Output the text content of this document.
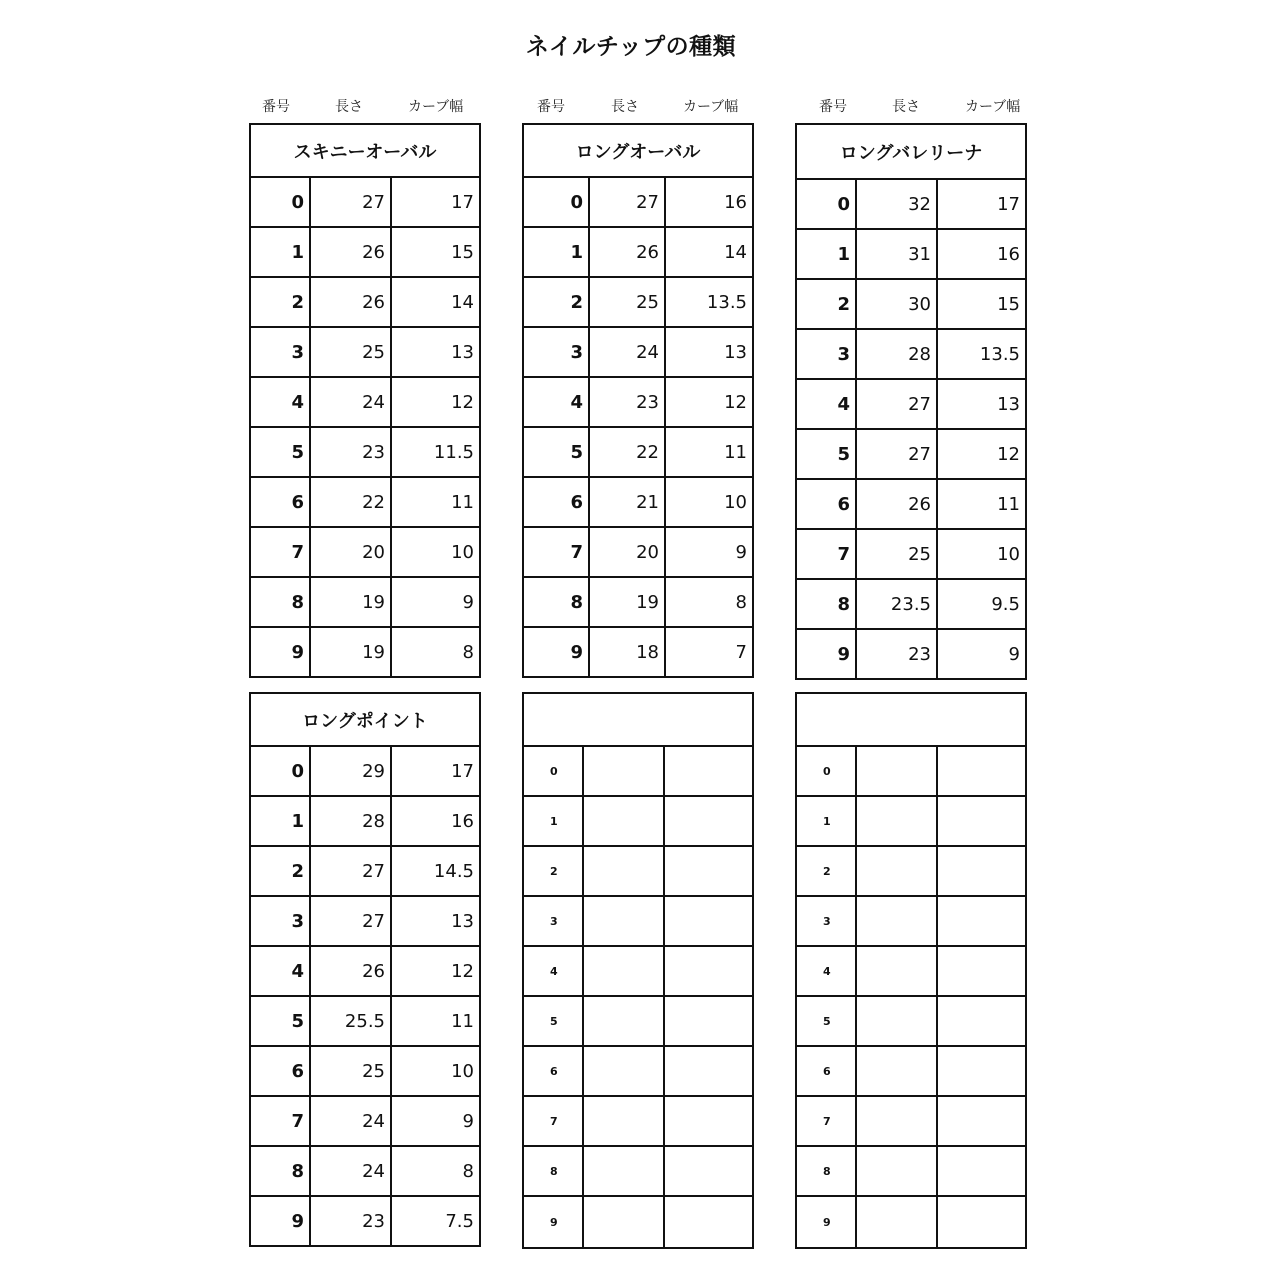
ネイルチップの種類
番号	長さ	カーブ幅	番号	長さ	カーブ幅	番号	長さ	カーブ幅
スキニーオーバル
0	27	17
1	26	15
2	26	14
3	25	13
4	24	12
5	23	11.5
6	22	11
7	20	10
8	19	9
9	19	8
ロングオーバル
0	27	16
1	26	14
2	25	13.5
3	24	13
4	23	12
5	22	11
6	21	10
7	20	9
8	19	8
9	18	7
ロングバレリーナ
0	32	17
1	31	16
2	30	15
3	28	13.5
4	27	13
5	27	12
6	26	11
7	25	10
8	23.5	9.5
9	23	9
ロングポイント
0	29	17
1	28	16
2	27	14.5
3	27	13
4	26	12
5	25.5	11
6	25	10
7	24	9
8	24	8
9	23	7.5
0
1
2
3
4
5
6
7
8
9
0
1
2
3
4
5
6
7
8
9
